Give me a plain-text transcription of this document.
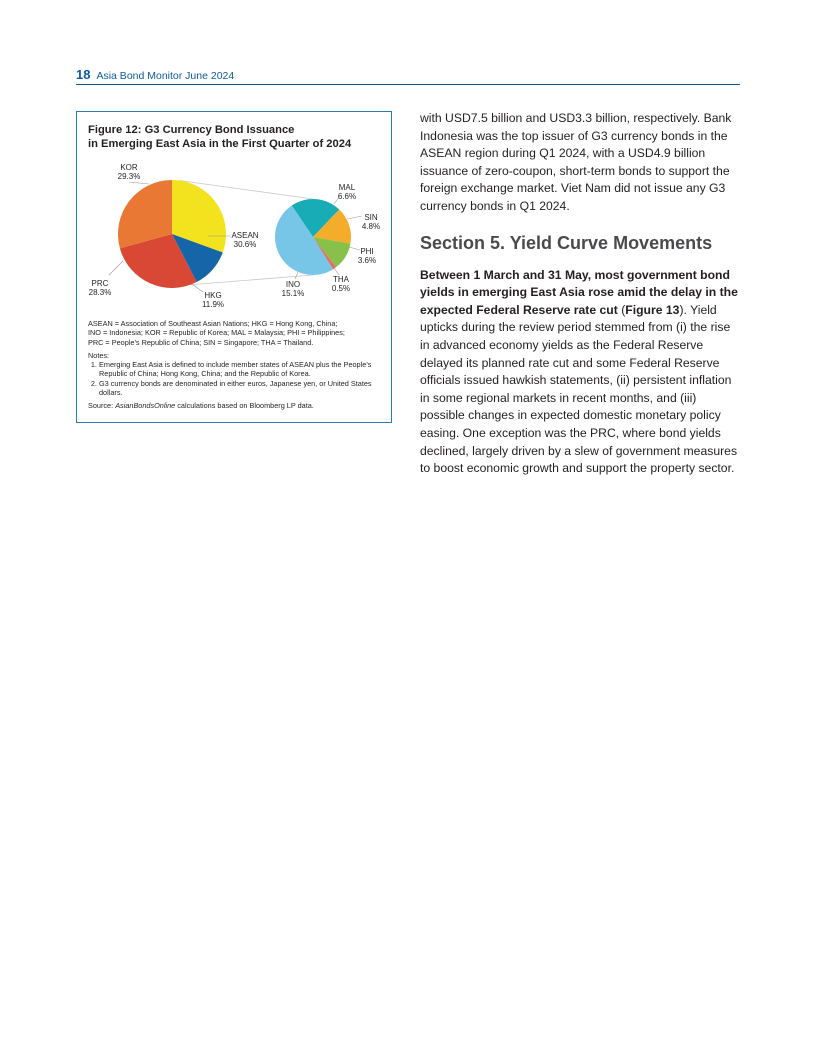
18 Asia Bond Monitor June 2024
Figure 12: G3 Currency Bond Issuance
in Emerging East Asia in the First Quarter of 2024
KOR
29.3%
ASEAN
30.6%
HKG
11.9%
PRC
28.3%
MAL
6.6%
SIN
4.8%
PHI
3.6%
THA
0.5%
INO
15.1%

ASEAN = Association of Southeast Asian Nations; HKG = Hong Kong, China;
INO = Indonesia; KOR = Republic of Korea; MAL = Malaysia; PHI = Philippines;
PRC = People’s Republic of China; SIN = Singapore; THA = Thailand.

Notes:
1. Emerging East Asia is defined to include member states of ASEAN plus the People’s Republic of China; Hong Kong, China; and the Republic of Korea.
2. G3 currency bonds are denominated in either euros, Japanese yen, or United States dollars.

Source: AsianBondsOnline calculations based on Bloomberg LP data.

with USD7.5 billion and USD3.3 billion, respectively. Bank Indonesia was the top issuer of G3 currency bonds in the ASEAN region during Q1 2024, with a USD4.9 billion issuance of zero-coupon, short-term bonds to support the foreign exchange market. Viet Nam did not issue any G3 currency bonds in Q1 2024.

Section 5. Yield Curve Movements

Between 1 March and 31 May, most government bond yields in emerging East Asia rose amid the delay in the expected Federal Reserve rate cut (Figure 13). Yield upticks during the review period stemmed from (i) the rise in advanced economy yields as the Federal Reserve delayed its planned rate cut and some Federal Reserve officials issued hawkish statements, (ii) persistent inflation in some regional markets in recent months, and (iii) possible changes in expected domestic monetary policy easing. One exception was the PRC, where bond yields declined, largely driven by a slew of government measures to boost economic growth and support the property sector.
